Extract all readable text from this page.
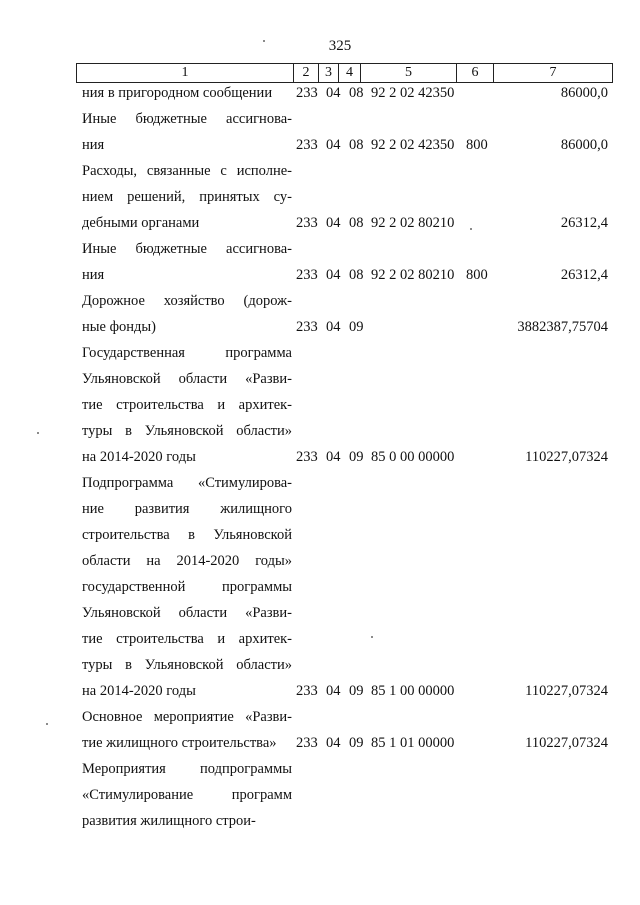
325
1	2	3	4	5	6	7
ния в пригородном сообщении	233 04 08 92 2 02 42350	86000,0
Иные бюджетные ассигнова-
ния	233 04 08 92 2 02 42350 800	86000,0
Расходы, связанные с исполне-
нием решений, принятых су-
дебными органами	233 04 08 92 2 02 80210	26312,4
Иные бюджетные ассигнова-
ния	233 04 08 92 2 02 80210 800	26312,4
Дорожное хозяйство (дорож-
ные фонды)	233 04 09	3882387,75704
Государственная программа
Ульяновской области «Разви-
тие строительства и архитек-
туры в Ульяновской области»
на 2014-2020 годы	233 04 09 85 0 00 00000	110227,07324
Подпрограмма «Стимулирова-
ние развития жилищного
строительства в Ульяновской
области на 2014-2020 годы»
государственной программы
Ульяновской области «Разви-
тие строительства и архитек-
туры в Ульяновской области»
на 2014-2020 годы	233 04 09 85 1 00 00000	110227,07324
Основное мероприятие «Разви-
тие жилищного строительства»	233 04 09 85 1 01 00000	110227,07324
Мероприятия подпрограммы
«Стимулирование программ
развития жилищного строи-
